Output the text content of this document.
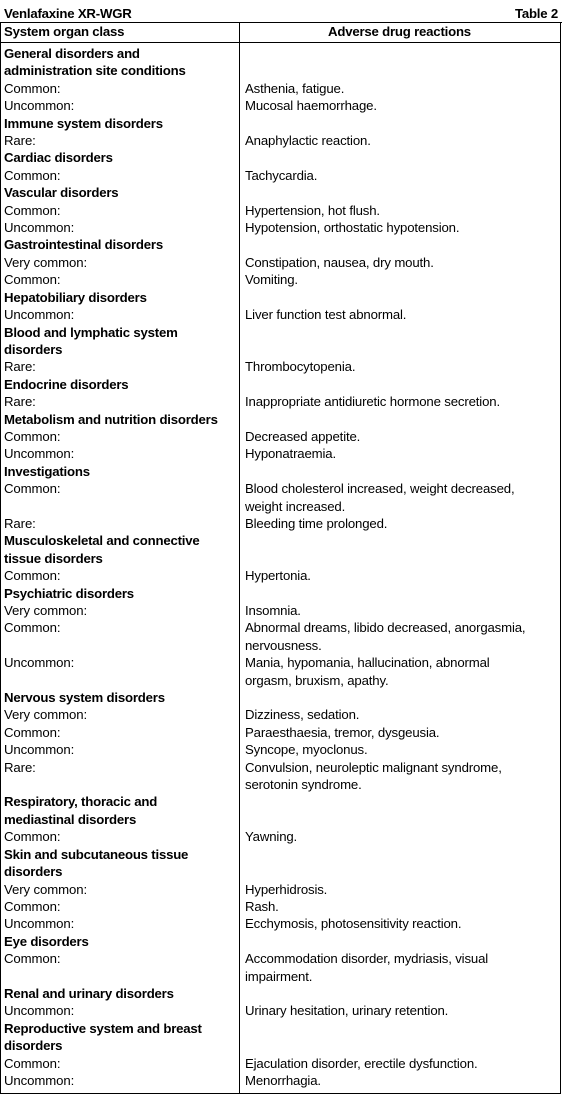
Venlafaxine XR-WGR	Table 2
System organ class	Adverse drug reactions
General disorders and
administration site conditions
Common:	Asthenia, fatigue.
Uncommon:	Mucosal haemorrhage.
Immune system disorders
Rare:	Anaphylactic reaction.
Cardiac disorders
Common:	Tachycardia.
Vascular disorders
Common:	Hypertension, hot flush.
Uncommon:	Hypotension, orthostatic hypotension.
Gastrointestinal disorders
Very common:	Constipation, nausea, dry mouth.
Common:	Vomiting.
Hepatobiliary disorders
Uncommon:	Liver function test abnormal.
Blood and lymphatic system
disorders
Rare:	Thrombocytopenia.
Endocrine disorders
Rare:	Inappropriate antidiuretic hormone secretion.
Metabolism and nutrition disorders
Common:	Decreased appetite.
Uncommon:	Hyponatraemia.
Investigations
Common:	Blood cholesterol increased, weight decreased,
weight increased.
Rare:	Bleeding time prolonged.
Musculoskeletal and connective
tissue disorders
Common:	Hypertonia.
Psychiatric disorders
Very common:	Insomnia.
Common:	Abnormal dreams, libido decreased, anorgasmia,
nervousness.
Uncommon:	Mania, hypomania, hallucination, abnormal
orgasm, bruxism, apathy.
Nervous system disorders
Very common:	Dizziness, sedation.
Common:	Paraesthaesia, tremor, dysgeusia.
Uncommon:	Syncope, myoclonus.
Rare:	Convulsion, neuroleptic malignant syndrome,
serotonin syndrome.
Respiratory, thoracic and
mediastinal disorders
Common:	Yawning.
Skin and subcutaneous tissue
disorders
Very common:	Hyperhidrosis.
Common:	Rash.
Uncommon:	Ecchymosis, photosensitivity reaction.
Eye disorders
Common:	Accommodation disorder, mydriasis, visual
impairment.
Renal and urinary disorders
Uncommon:	Urinary hesitation, urinary retention.
Reproductive system and breast
disorders
Common:	Ejaculation disorder, erectile dysfunction.
Uncommon:	Menorrhagia.
